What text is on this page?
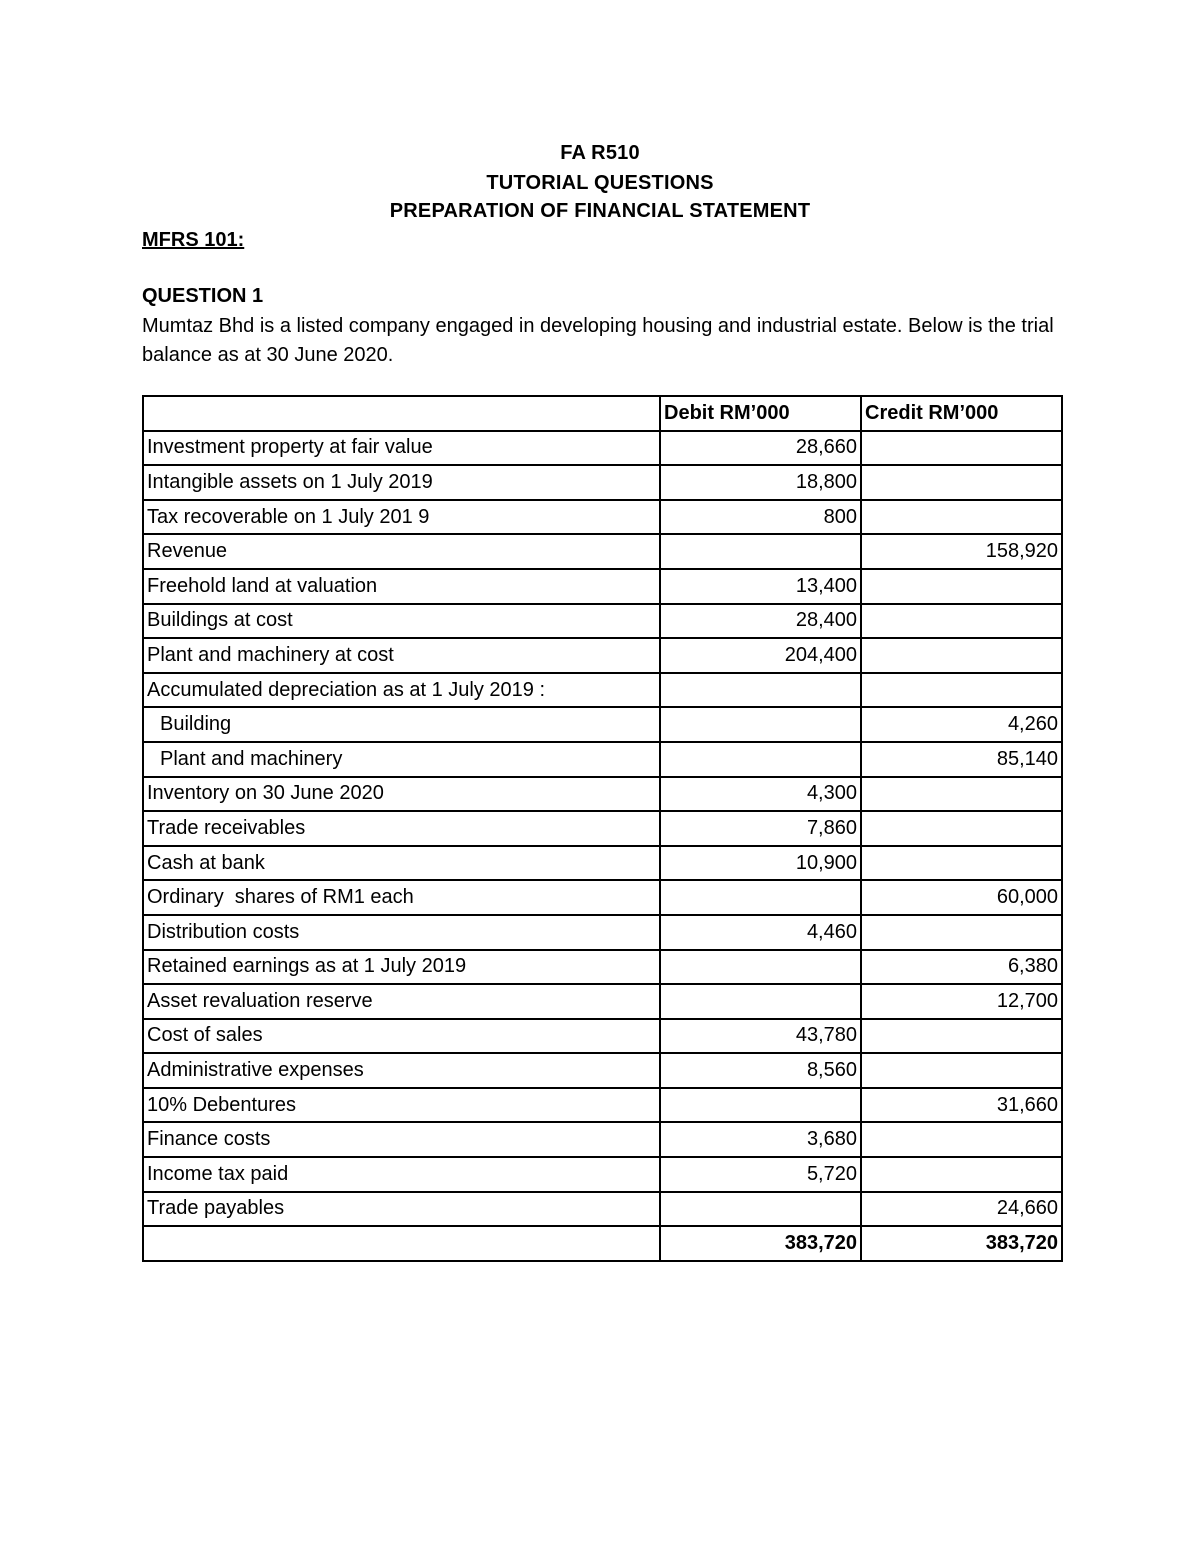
FA R510
TUTORIAL QUESTIONS
PREPARATION OF FINANCIAL STATEMENT
MFRS 101:
QUESTION 1
Mumtaz Bhd is a listed company engaged in developing housing and industrial estate. Below is the trial balance as at 30 June 2020.
	Debit RM’000	Credit RM’000
Investment property at fair value	28,660	
Intangible assets on 1 July 2019	18,800	
Tax recoverable on 1 July 201 9	800	
Revenue		158,920
Freehold land at valuation	13,400	
Buildings at cost	28,400	
Plant and machinery at cost	204,400	
Accumulated depreciation as at 1 July 2019 :		
Building		4,260
Plant and machinery		85,140
Inventory on 30 June 2020	4,300	
Trade receivables	7,860	
Cash at bank	10,900	
Ordinary  shares of RM1 each		60,000
Distribution costs	4,460	
Retained earnings as at 1 July 2019		6,380
Asset revaluation reserve		12,700
Cost of sales	43,780	
Administrative expenses	8,560	
10% Debentures		31,660
Finance costs	3,680	
Income tax paid	5,720	
Trade payables		24,660
	383,720	383,720
